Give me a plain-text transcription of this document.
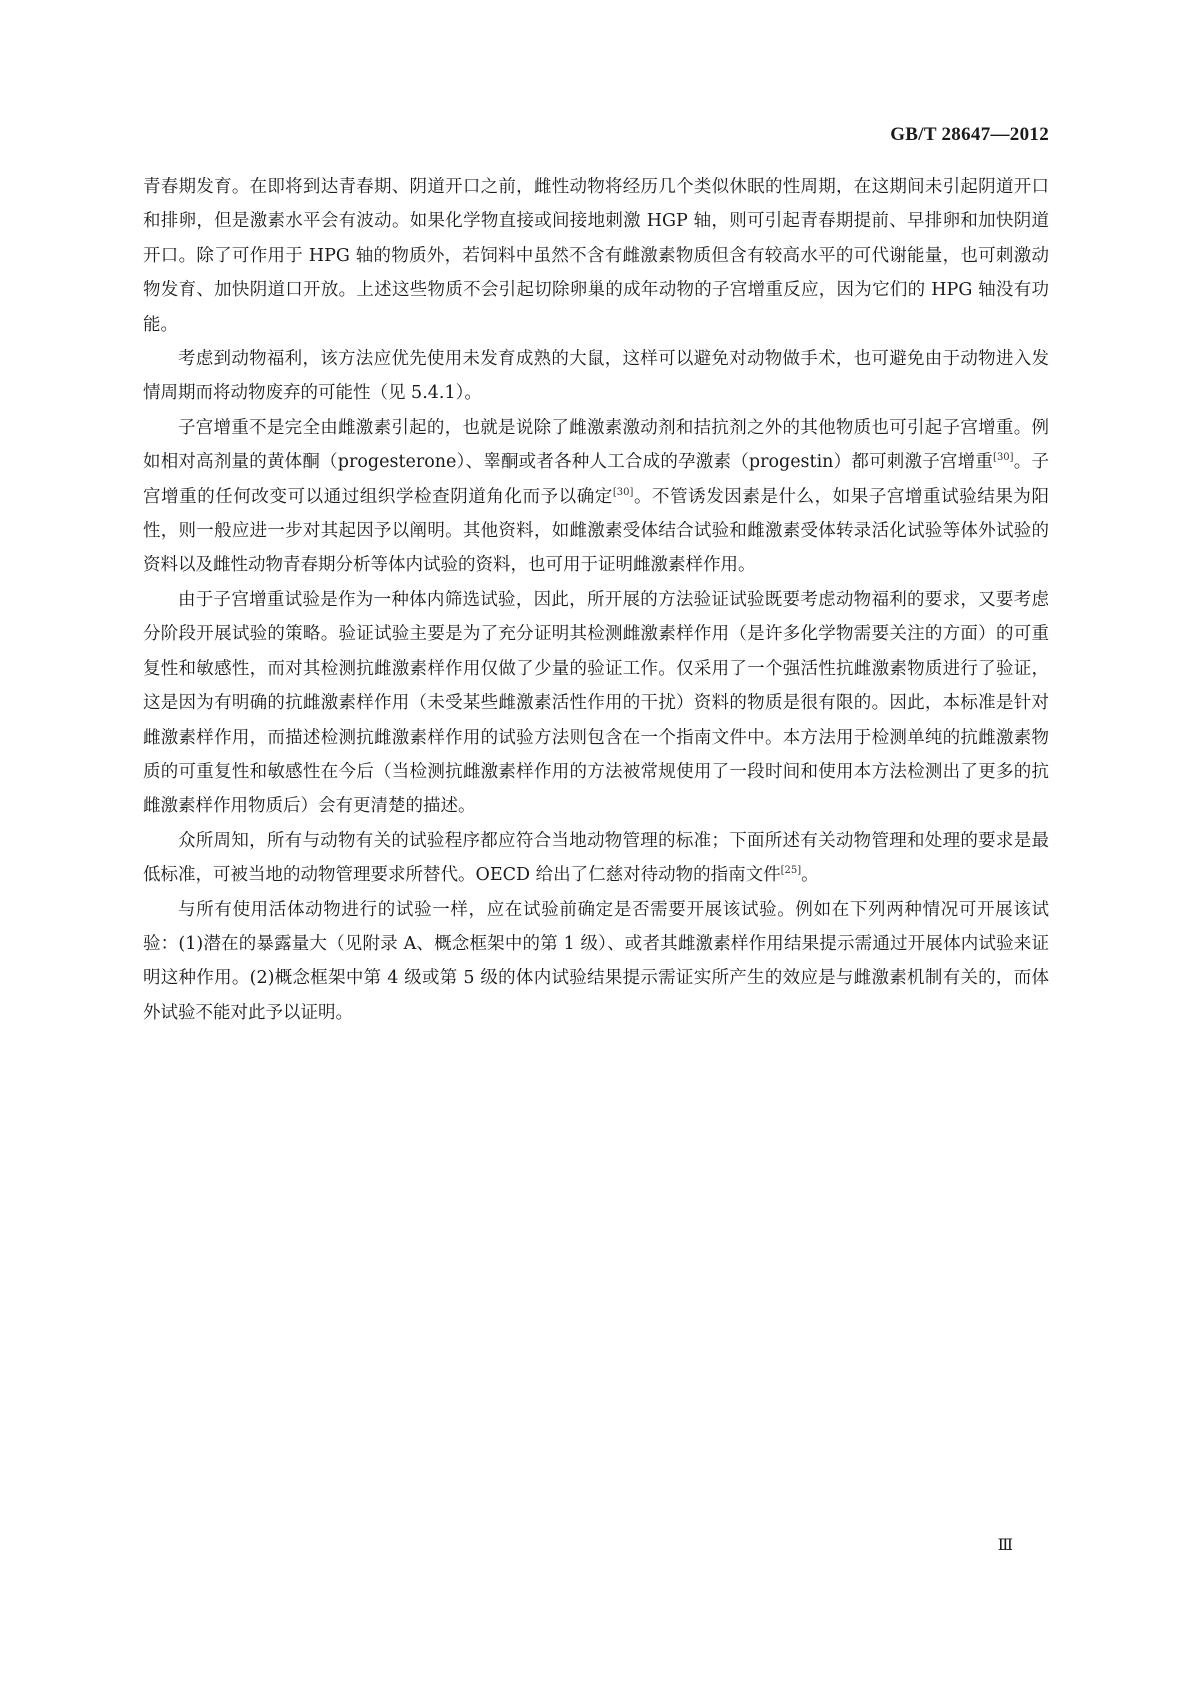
GB/T 28647—2012

青春期发育。在即将到达青春期、阴道开口之前，雌性动物将经历几个类似休眠的性周期，在这期间未引起阴道开口和排卵，但是激素水平会有波动。如果化学物直接或间接地刺激 HGP 轴，则可引起青春期提前、早排卵和加快阴道开口。除了可作用于 HPG 轴的物质外，若饲料中虽然不含有雌激素物质但含有较高水平的可代谢能量，也可刺激动物发育、加快阴道口开放。上述这些物质不会引起切除卵巢的成年动物的子宫增重反应，因为它们的 HPG 轴没有功能。

考虑到动物福利，该方法应优先使用未发育成熟的大鼠，这样可以避免对动物做手术，也可避免由于动物进入发情周期而将动物废弃的可能性（见 5.4.1）。

子宫增重不是完全由雌激素引起的，也就是说除了雌激素激动剂和拮抗剂之外的其他物质也可引起子宫增重。例如相对高剂量的黄体酮（progesterone）、睾酮或者各种人工合成的孕激素（progestin）都可刺激子宫增重[30]。子宫增重的任何改变可以通过组织学检查阴道角化而予以确定[30]。不管诱发因素是什么，如果子宫增重试验结果为阳性，则一般应进一步对其起因予以阐明。其他资料，如雌激素受体结合试验和雌激素受体转录活化试验等体外试验的资料以及雌性动物青春期分析等体内试验的资料，也可用于证明雌激素样作用。

由于子宫增重试验是作为一种体内筛选试验，因此，所开展的方法验证试验既要考虑动物福利的要求，又要考虑分阶段开展试验的策略。验证试验主要是为了充分证明其检测雌激素样作用（是许多化学物需要关注的方面）的可重复性和敏感性，而对其检测抗雌激素样作用仅做了少量的验证工作。仅采用了一个强活性抗雌激素物质进行了验证，这是因为有明确的抗雌激素样作用（未受某些雌激素活性作用的干扰）资料的物质是很有限的。因此，本标准是针对雌激素样作用，而描述检测抗雌激素样作用的试验方法则包含在一个指南文件中。本方法用于检测单纯的抗雌激素物质的可重复性和敏感性在今后（当检测抗雌激素样作用的方法被常规使用了一段时间和使用本方法检测出了更多的抗雌激素样作用物质后）会有更清楚的描述。

众所周知，所有与动物有关的试验程序都应符合当地动物管理的标准；下面所述有关动物管理和处理的要求是最低标准，可被当地的动物管理要求所替代。OECD 给出了仁慈对待动物的指南文件[25]。

与所有使用活体动物进行的试验一样，应在试验前确定是否需要开展该试验。例如在下列两种情况可开展该试验：(1)潜在的暴露量大（见附录 A、概念框架中的第 1 级）、或者其雌激素样作用结果提示需通过开展体内试验来证明这种作用。(2)概念框架中第 4 级或第 5 级的体内试验结果提示需证实所产生的效应是与雌激素机制有关的，而体外试验不能对此予以证明。

Ⅲ
